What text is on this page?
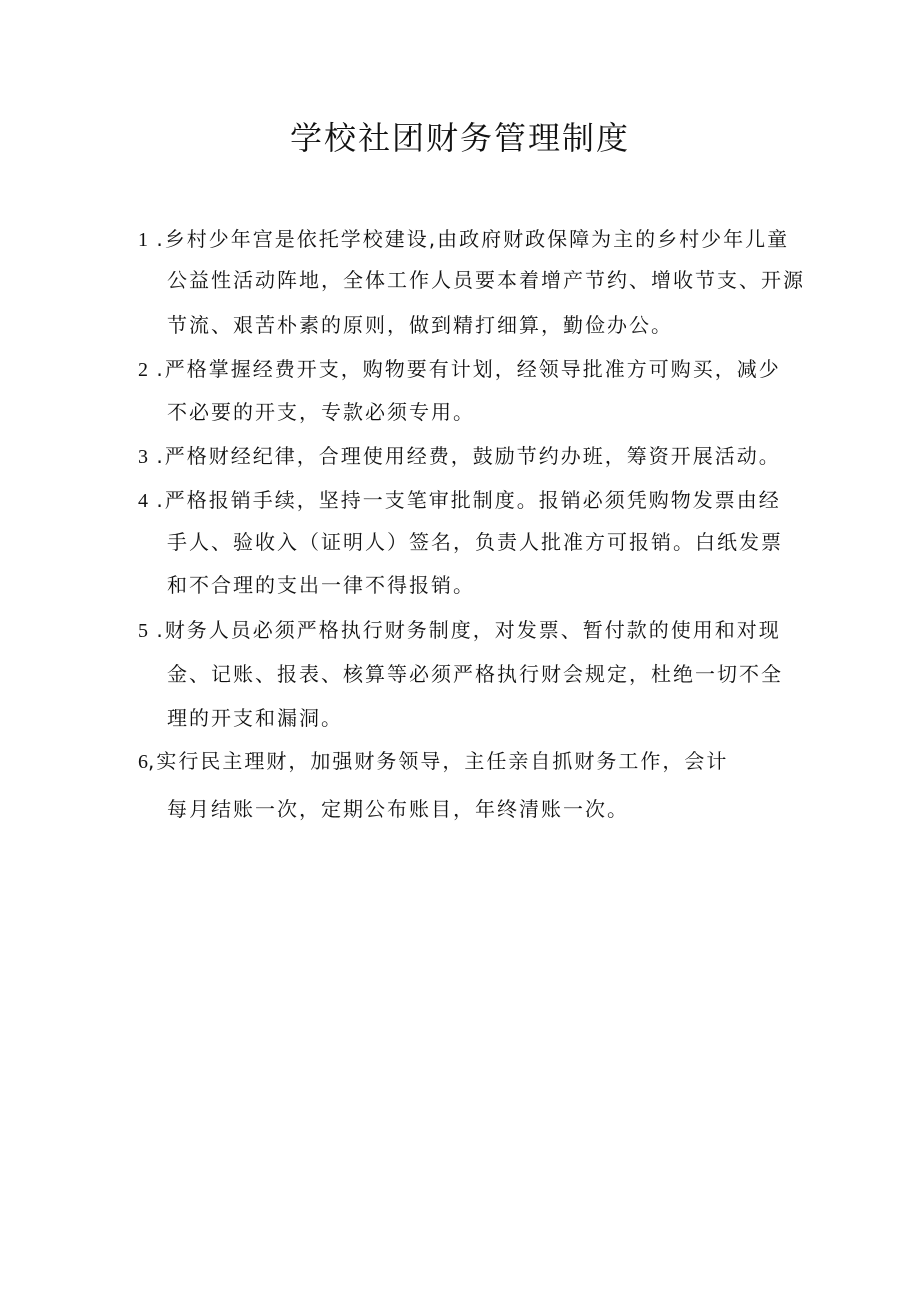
学校社团财务管理制度
1 .乡村少年宫是依托学校建设,由政府财政保障为主的乡村少年儿童
公益性活动阵地，全体工作人员要本着增产节约、增收节支、开源
节流、艰苦朴素的原则，做到精打细算，勤俭办公。
2 .严格掌握经费开支，购物要有计划，经领导批准方可购买，减少
不必要的开支，专款必须专用。
3 .严格财经纪律，合理使用经费，鼓励节约办班，筹资开展活动。
4 .严格报销手续，坚持一支笔审批制度。报销必须凭购物发票由经
手人、验收入（证明人）签名，负责人批准方可报销。白纸发票
和不合理的支出一律不得报销。
5 .财务人员必须严格执行财务制度，对发票、暂付款的使用和对现
金、记账、报表、核算等必须严格执行财会规定，杜绝一切不全
理的开支和漏洞。
6,实行民主理财，加强财务领导，主任亲自抓财务工作，会计
每月结账一次，定期公布账目，年终清账一次。
